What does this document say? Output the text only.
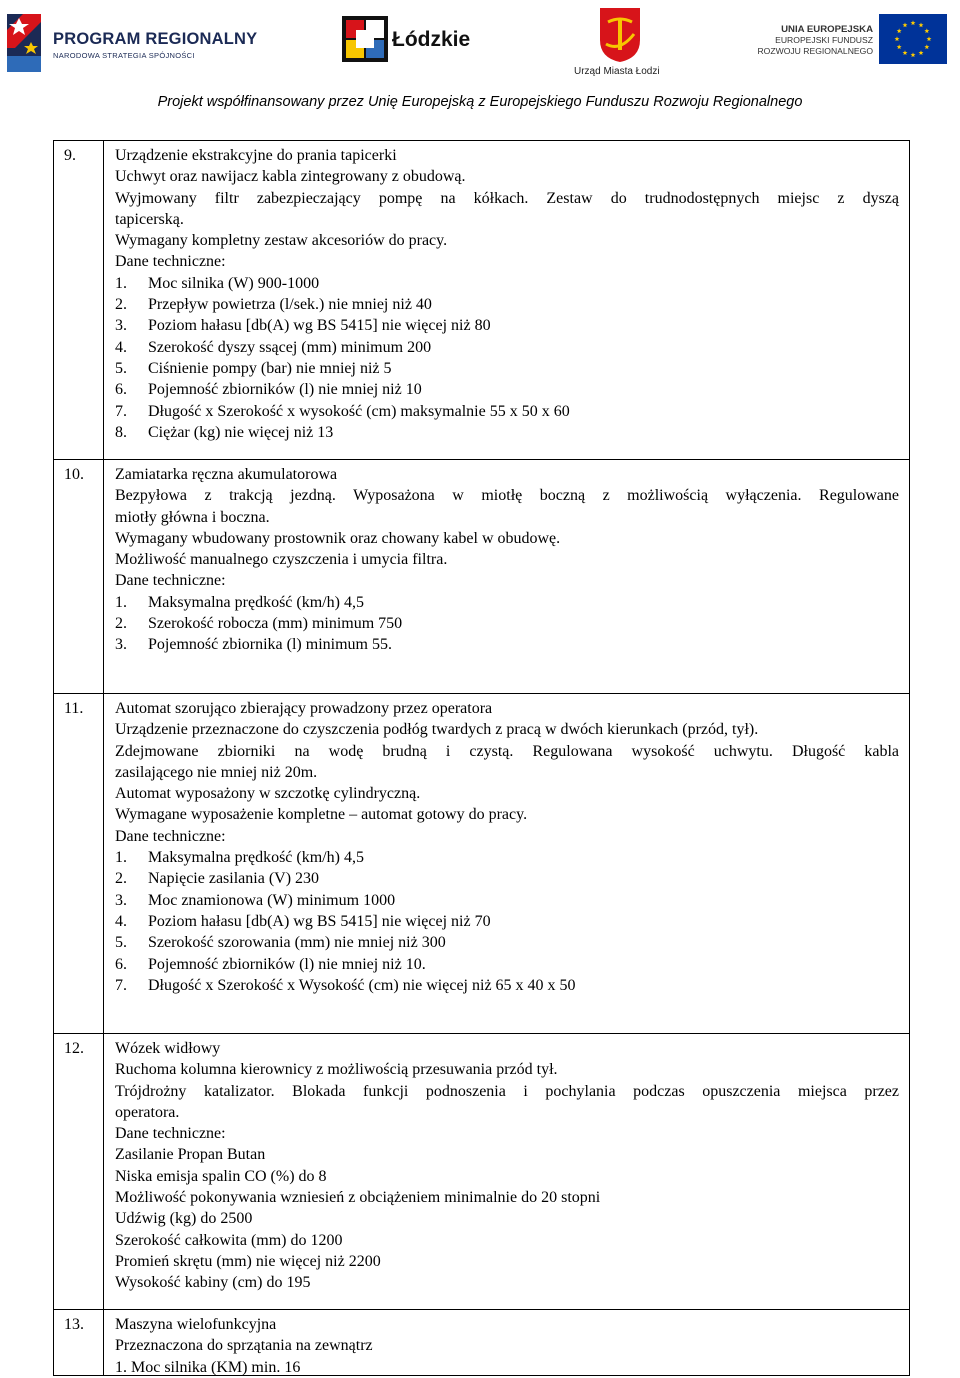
PROGRAM REGIONALNY
NARODOWA STRATEGIA SPÓJNOŚCI
Łódzkie
Urząd Miasta Łodzi
UNIA EUROPEJSKA
EUROPEJSKI FUNDUSZ
ROZWOJU REGIONALNEGO
Projekt współfinansowany przez Unię Europejską z Europejskiego Funduszu Rozwoju Regionalnego
9.	Urządzenie ekstrakcyjne do prania tapicerki
Uchwyt oraz nawijacz kabla zintegrowany z obudową.
Wyjmowany filtr zabezpieczający pompę na kółkach. Zestaw do trudnodostępnych miejsc z dyszą
tapicerską.
Wymagany kompletny zestaw akcesoriów do pracy.
Dane techniczne:
1. Moc silnika (W) 900-1000
2. Przepływ powietrza (l/sek.) nie mniej niż 40
3. Poziom hałasu [db(A) wg BS 5415] nie więcej niż 80
4. Szerokość dyszy ssącej (mm) minimum 200
5. Ciśnienie pompy (bar) nie mniej niż 5
6. Pojemność zbiorników (l) nie mniej niż 10
7. Długość x Szerokość x wysokość (cm) maksymalnie 55 x 50 x 60
8. Ciężar (kg) nie więcej niż 13
10.	Zamiatarka ręczna akumulatorowa
Bezpyłowa z trakcją jezdną. Wyposażona w miotłę boczną z możliwością wyłączenia. Regulowane
miotły główna i boczna.
Wymagany wbudowany prostownik oraz chowany kabel w obudowę.
Możliwość manualnego czyszczenia i umycia filtra.
Dane techniczne:
1. Maksymalna prędkość (km/h) 4,5
2. Szerokość robocza (mm) minimum 750
3. Pojemność zbiornika (l) minimum 55.
11.	Automat szorująco zbierający prowadzony przez operatora
Urządzenie przeznaczone do czyszczenia podłóg twardych z pracą w dwóch kierunkach (przód, tył).
Zdejmowane zbiorniki na wodę brudną i czystą. Regulowana wysokość uchwytu. Długość kabla
zasilającego nie mniej niż 20m.
Automat wyposażony w szczotkę cylindryczną.
Wymagane wyposażenie kompletne – automat gotowy do pracy.
Dane techniczne:
1. Maksymalna prędkość (km/h) 4,5
2. Napięcie zasilania (V) 230
3. Moc znamionowa (W) minimum 1000
4. Poziom hałasu [db(A) wg BS 5415] nie więcej niż 70
5. Szerokość szorowania (mm) nie mniej niż 300
6. Pojemność zbiorników (l) nie mniej niż 10.
7. Długość x Szerokość x Wysokość (cm) nie więcej niż 65 x 40 x 50
12.	Wózek widłowy
Ruchoma kolumna kierownicy z możliwością przesuwania przód tył.
Trójdrożny katalizator. Blokada funkcji podnoszenia i pochylania podczas opuszczenia miejsca przez
operatora.
Dane techniczne:
Zasilanie Propan Butan
Niska emisja spalin CO (%) do 8
Możliwość pokonywania wzniesień z obciążeniem minimalnie do 20 stopni
Udźwig (kg) do 2500
Szerokość całkowita (mm) do 1200
Promień skrętu (mm) nie więcej niż 2200
Wysokość kabiny (cm) do 195
13.	Maszyna wielofunkcyjna
Przeznaczona do sprzątania na zewnątrz
1. Moc silnika (KM) min. 16
